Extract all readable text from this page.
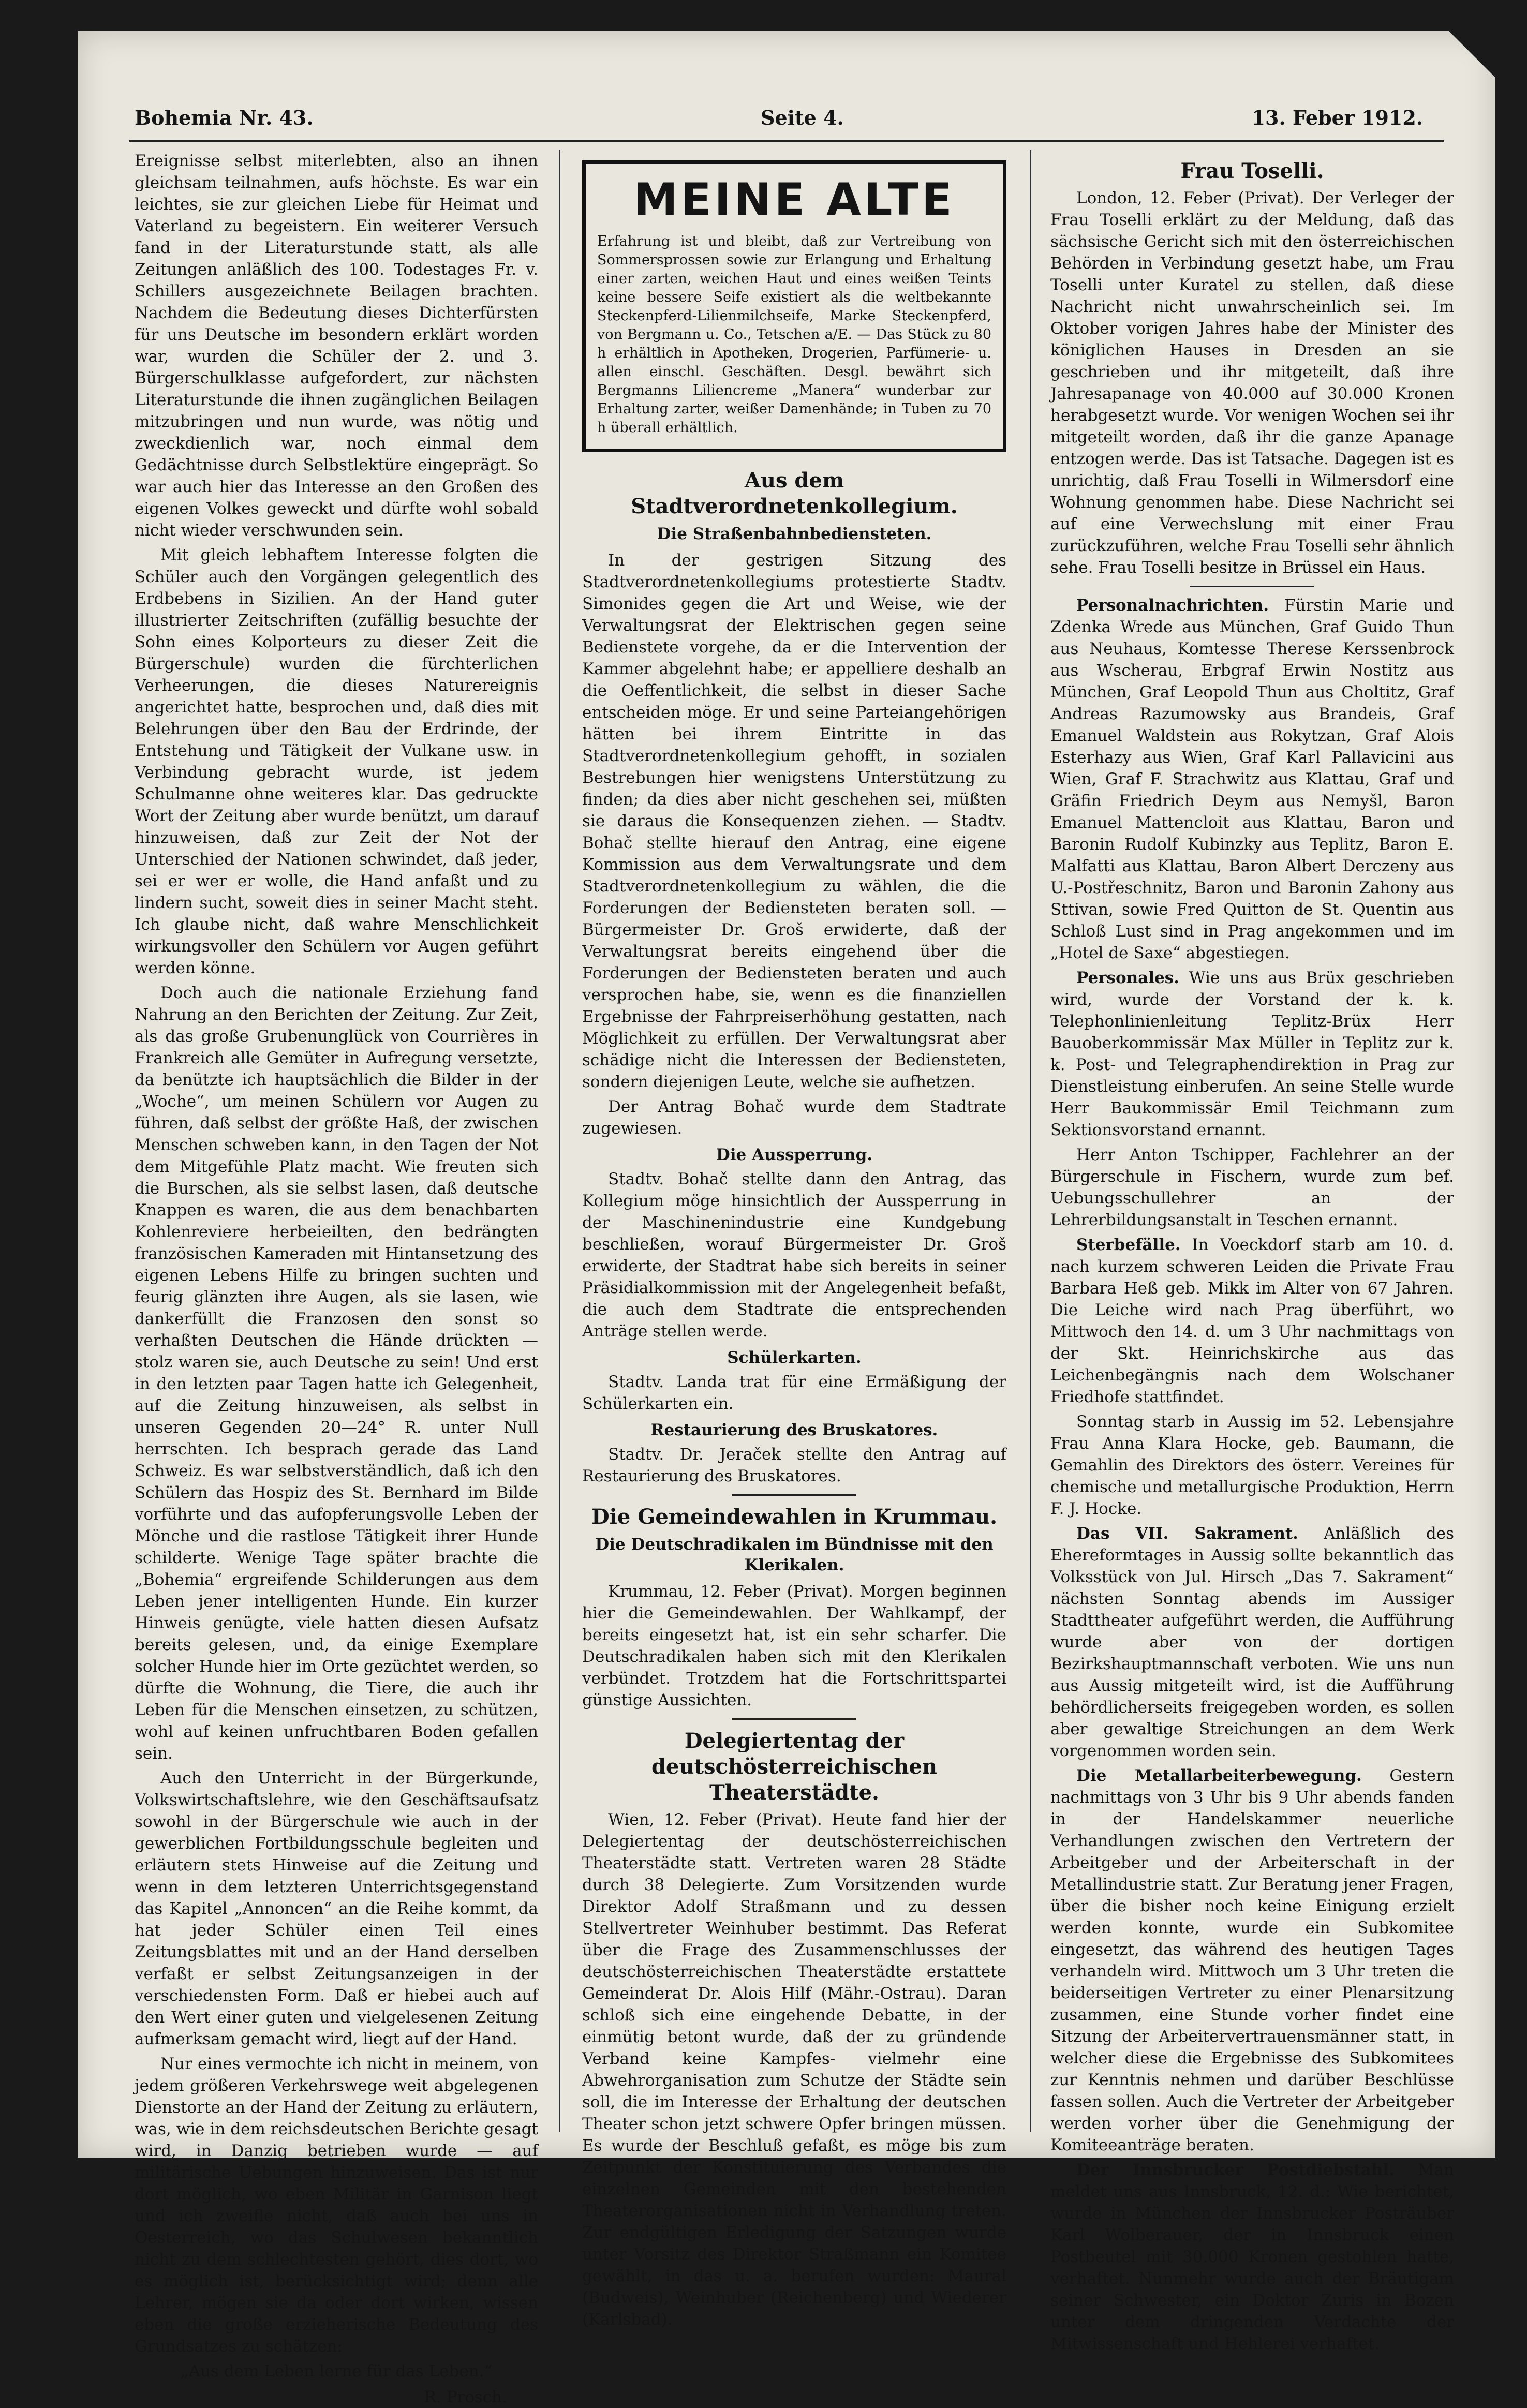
Bohemia Nr. 43.	Seite 4.	13. Feber 1912.

Ereignisse selbst miterlebten, also an ihnen gleichsam teilnahmen, aufs höchste. Es war ein leichtes, sie zur gleichen Liebe für Heimat und Vaterland zu begeistern. Ein weiterer Versuch fand in der Literaturstunde statt, als alle Zeitungen anläßlich des 100. Todestages Fr. v. Schillers ausgezeichnete Beilagen brachten. Nachdem die Bedeutung dieses Dichterfürsten für uns Deutsche im besondern erklärt worden war, wurden die Schüler der 2. und 3. Bürgerschulklasse aufgefordert, zur nächsten Literaturstunde die ihnen zugänglichen Beilagen mitzubringen und nun wurde, was nötig und zweckdienlich war, noch einmal dem Gedächtnisse durch Selbstlektüre eingeprägt. So war auch hier das Interesse an den Großen des eigenen Volkes geweckt und dürfte wohl sobald nicht wieder verschwunden sein.

Mit gleich lebhaftem Interesse folgten die Schüler auch den Vorgängen gelegentlich des Erdbebens in Sizilien. An der Hand guter illustrierter Zeitschriften (zufällig besuchte der Sohn eines Kolporteurs zu dieser Zeit die Bürgerschule) wurden die fürchterlichen Verheerungen, die dieses Naturereignis angerichtet hatte, besprochen und, daß dies mit Belehrungen über den Bau der Erdrinde, der Entstehung und Tätigkeit der Vulkane usw. in Verbindung gebracht wurde, ist jedem Schulmanne ohne weiteres klar. Das gedruckte Wort der Zeitung aber wurde benützt, um darauf hinzuweisen, daß zur Zeit der Not der Unterschied der Nationen schwindet, daß jeder, sei er wer er wolle, die Hand anfaßt und zu lindern sucht, soweit dies in seiner Macht steht. Ich glaube nicht, daß wahre Menschlichkeit wirkungsvoller den Schülern vor Augen geführt werden könne.

Doch auch die nationale Erziehung fand Nahrung an den Berichten der Zeitung. Zur Zeit, als das große Grubenunglück von Courrières in Frankreich alle Gemüter in Aufregung versetzte, da benützte ich hauptsächlich die Bilder in der „Woche“, um meinen Schülern vor Augen zu führen, daß selbst der größte Haß, der zwischen Menschen schweben kann, in den Tagen der Not dem Mitgefühle Platz macht. Wie freuten sich die Burschen, als sie selbst lasen, daß deutsche Knappen es waren, die aus dem benachbarten Kohlenreviere herbeieilten, den bedrängten französischen Kameraden mit Hintansetzung des eigenen Lebens Hilfe zu bringen suchten und feurig glänzten ihre Augen, als sie lasen, wie dankerfüllt die Franzosen den sonst so verhaßten Deutschen die Hände drückten — stolz waren sie, auch Deutsche zu sein! Und erst in den letzten paar Tagen hatte ich Gelegenheit, auf die Zeitung hinzuweisen, als selbst in unseren Gegenden 20—24° R. unter Null herrschten. Ich besprach gerade das Land Schweiz. Es war selbstverständlich, daß ich den Schülern das Hospiz des St. Bernhard im Bilde vorführte und das aufopferungsvolle Leben der Mönche und die rastlose Tätigkeit ihrer Hunde schilderte. Wenige Tage später brachte die „Bohemia“ ergreifende Schilderungen aus dem Leben jener intelligenten Hunde. Ein kurzer Hinweis genügte, viele hatten diesen Aufsatz bereits gelesen, und, da einige Exemplare solcher Hunde hier im Orte gezüchtet werden, so dürfte die Wohnung, die Tiere, die auch ihr Leben für die Menschen einsetzen, zu schützen, wohl auf keinen unfruchtbaren Boden gefallen sein.

Auch den Unterricht in der Bürgerkunde, Volkswirtschaftslehre, wie den Geschäftsaufsatz sowohl in der Bürgerschule wie auch in der gewerblichen Fortbildungsschule begleiten und erläutern stets Hinweise auf die Zeitung und wenn in dem letzteren Unterrichtsgegenstand das Kapitel „Annoncen“ an die Reihe kommt, da hat jeder Schüler einen Teil eines Zeitungsblattes mit und an der Hand derselben verfaßt er selbst Zeitungsanzeigen in der verschiedensten Form. Daß er hiebei auch auf den Wert einer guten und vielgelesenen Zeitung aufmerksam gemacht wird, liegt auf der Hand.

Nur eines vermochte ich nicht in meinem, von jedem größeren Verkehrswege weit abgelegenen Dienstorte an der Hand der Zeitung zu erläutern, was, wie in dem reichsdeutschen Berichte gesagt wird, in Danzig betrieben wurde — auf militärische Uebungen hinzuweisen. Das ist nur dort möglich, wo eben Militär in Garnison liegt und ich zweifle nicht, daß auch bei uns in Oesterreich, wo das Schulwesen bekanntlich nicht zu dem schlechtesten gehört, dies dort, wo es möglich ist, berücksichtigt wird; denn alle Lehrer, mögen sie da oder dort wirken, wissen eben die große erzieherische Bedeutung des Grundsatzes zu schätzen:

„Aus dem Leben lerne für das Leben.“

R. Prosch.
MEINE ALTE
Erfahrung ist und bleibt, daß zur Vertreibung von Sommersprossen sowie zur Erlangung und Erhaltung einer zarten, weichen Haut und eines weißen Teints keine bessere Seife existiert als die weltbekannte Steckenpferd-Lilienmilchseife, Marke Steckenpferd, von Bergmann u. Co., Tetschen a/E. — Das Stück zu 80 h erhältlich in Apotheken, Drogerien, Parfümerie- u. allen einschl. Geschäften. Desgl. bewährt sich Bergmanns Liliencreme „Manera“ wunderbar zur Erhaltung zarter, weißer Damenhände; in Tuben zu 70 h überall erhältlich.
Aus dem Stadtverordnetenkollegium.
Die Straßenbahnbediensteten.

In der gestrigen Sitzung des Stadtverordnetenkollegiums protestierte Stadtv. Simonides gegen die Art und Weise, wie der Verwaltungsrat der Elektrischen gegen seine Bedienstete vorgehe, da er die Intervention der Kammer abgelehnt habe; er appelliere deshalb an die Oeffentlichkeit, die selbst in dieser Sache entscheiden möge. Er und seine Parteiangehörigen hätten bei ihrem Eintritte in das Stadtverordnetenkollegium gehofft, in sozialen Bestrebungen hier wenigstens Unterstützung zu finden; da dies aber nicht geschehen sei, müßten sie daraus die Konsequenzen ziehen. — Stadtv. Bohač stellte hierauf den Antrag, eine eigene Kommission aus dem Verwaltungsrate und dem Stadtverordnetenkollegium zu wählen, die die Forderungen der Bediensteten beraten soll. — Bürgermeister Dr. Groš erwiderte, daß der Verwaltungsrat bereits eingehend über die Forderungen der Bediensteten beraten und auch versprochen habe, sie, wenn es die finanziellen Ergebnisse der Fahrpreiserhöhung gestatten, nach Möglichkeit zu erfüllen. Der Verwaltungsrat aber schädige nicht die Interessen der Bediensteten, sondern diejenigen Leute, welche sie aufhetzen.

Der Antrag Bohač wurde dem Stadtrate zugewiesen.

Die Aussperrung.

Stadtv. Bohač stellte dann den Antrag, das Kollegium möge hinsichtlich der Aussperrung in der Maschinenindustrie eine Kundgebung beschließen, worauf Bürgermeister Dr. Groš erwiderte, der Stadtrat habe sich bereits in seiner Präsidialkommission mit der Angelegenheit befaßt, die auch dem Stadtrate die entsprechenden Anträge stellen werde.

Schülerkarten.

Stadtv. Landa trat für eine Ermäßigung der Schülerkarten ein.

Restaurierung des Bruskatores.

Stadtv. Dr. Jeraček stellte den Antrag auf Restaurierung des Bruskatores.

Die Gemeindewahlen in Krummau.
Die Deutschradikalen im Bündnisse mit den Klerikalen.

Krummau, 12. Feber (Privat). Morgen beginnen hier die Gemeindewahlen. Der Wahlkampf, der bereits eingesetzt hat, ist ein sehr scharfer. Die Deutschradikalen haben sich mit den Klerikalen verbündet. Trotzdem hat die Fortschrittspartei günstige Aussichten.

Delegiertentag der deutschösterreichischen Theaterstädte.

Wien, 12. Feber (Privat). Heute fand hier der Delegiertentag der deutschösterreichischen Theaterstädte statt. Vertreten waren 28 Städte durch 38 Delegierte. Zum Vorsitzenden wurde Direktor Adolf Straßmann und zu dessen Stellvertreter Weinhuber bestimmt. Das Referat über die Frage des Zusammenschlusses der deutschösterreichischen Theaterstädte erstattete Gemeinderat Dr. Alois Hilf (Mähr.-Ostrau). Daran schloß sich eine eingehende Debatte, in der einmütig betont wurde, daß der zu gründende Verband keine Kampfes- vielmehr eine Abwehrorganisation zum Schutze der Städte sein soll, die im Interesse der Erhaltung der deutschen Theater schon jetzt schwere Opfer bringen müssen. Es wurde der Beschluß gefaßt, es möge bis zum Zeitpunkt der Konstituierung des Verbandes die einzelnen Gemeinden mit den bestehenden Theaterorganisationen nicht in Verhandlung treten. Zur endgültigen Erledigung der Satzungen wurde unter Vorsitz des Direktor Straßmann ein Komitee gewählt, in das u. a. berufen wurden: Maural (Budweis), Weinhuber (Reichenberg) und Wiederer (Karlsbad).

Frau Toselli.

London, 12. Feber (Privat). Der Verleger der Frau Toselli erklärt zu der Meldung, daß das sächsische Gericht sich mit den österreichischen Behörden in Verbindung gesetzt habe, um Frau Toselli unter Kuratel zu stellen, daß diese Nachricht nicht unwahrscheinlich sei. Im Oktober vorigen Jahres habe der Minister des königlichen Hauses in Dresden an sie geschrieben und ihr mitgeteilt, daß ihre Jahresapanage von 40.000 auf 30.000 Kronen herabgesetzt wurde. Vor wenigen Wochen sei ihr mitgeteilt worden, daß ihr die ganze Apanage entzogen werde. Das ist Tatsache. Dagegen ist es unrichtig, daß Frau Toselli in Wilmersdorf eine Wohnung genommen habe. Diese Nachricht sei auf eine Verwechslung mit einer Frau zurückzuführen, welche Frau Toselli sehr ähnlich sehe. Frau Toselli besitze in Brüssel ein Haus.

Personalnachrichten. Fürstin Marie und Zdenka Wrede aus München, Graf Guido Thun aus Neuhaus, Komtesse Therese Kerssenbrock aus Wscherau, Erbgraf Erwin Nostitz aus München, Graf Leopold Thun aus Choltitz, Graf Andreas Razumowsky aus Brandeis, Graf Emanuel Waldstein aus Rokytzan, Graf Alois Esterhazy aus Wien, Graf Karl Pallavicini aus Wien, Graf F. Strachwitz aus Klattau, Graf und Gräfin Friedrich Deym aus Nemyšl, Baron Emanuel Mattencloit aus Klattau, Baron und Baronin Rudolf Kubinzky aus Teplitz, Baron E. Malfatti aus Klattau, Baron Albert Derczeny aus U.-Postřeschnitz, Baron und Baronin Zahony aus Sttivan, sowie Fred Quitton de St. Quentin aus Schloß Lust sind in Prag angekommen und im „Hotel de Saxe“ abgestiegen.

Personales. Wie uns aus Brüx geschrieben wird, wurde der Vorstand der k. k. Telephonlinienleitung Teplitz-Brüx Herr Bauoberkommissär Max Müller in Teplitz zur k. k. Post- und Telegraphendirektion in Prag zur Dienstleistung einberufen. An seine Stelle wurde Herr Baukommissär Emil Teichmann zum Sektionsvorstand ernannt.

Herr Anton Tschipper, Fachlehrer an der Bürgerschule in Fischern, wurde zum bef. Uebungsschullehrer an der Lehrerbildungsanstalt in Teschen ernannt.

Sterbefälle. In Voeckdorf starb am 10. d. nach kurzem schweren Leiden die Private Frau Barbara Heß geb. Mikk im Alter von 67 Jahren. Die Leiche wird nach Prag überführt, wo Mittwoch den 14. d. um 3 Uhr nachmittags von der Skt. Heinrichskirche aus das Leichenbegängnis nach dem Wolschaner Friedhofe stattfindet.

Sonntag starb in Aussig im 52. Lebensjahre Frau Anna Klara Hocke, geb. Baumann, die Gemahlin des Direktors des österr. Vereines für chemische und metallurgische Produktion, Herrn F. J. Hocke.

Das VII. Sakrament. Anläßlich des Ehereformtages in Aussig sollte bekanntlich das Volksstück von Jul. Hirsch „Das 7. Sakrament“ nächsten Sonntag abends im Aussiger Stadttheater aufgeführt werden, die Aufführung wurde aber von der dortigen Bezirkshauptmannschaft verboten. Wie uns nun aus Aussig mitgeteilt wird, ist die Aufführung behördlicherseits freigegeben worden, es sollen aber gewaltige Streichungen an dem Werk vorgenommen worden sein.

Die Metallarbeiterbewegung. Gestern nachmittags von 3 Uhr bis 9 Uhr abends fanden in der Handelskammer neuerliche Verhandlungen zwischen den Vertretern der Arbeitgeber und der Arbeiterschaft in der Metallindustrie statt. Zur Beratung jener Fragen, über die bisher noch keine Einigung erzielt werden konnte, wurde ein Subkomitee eingesetzt, das während des heutigen Tages verhandeln wird. Mittwoch um 3 Uhr treten die beiderseitigen Vertreter zu einer Plenarsitzung zusammen, eine Stunde vorher findet eine Sitzung der Arbeitervertrauensmänner statt, in welcher diese die Ergebnisse des Subkomitees zur Kenntnis nehmen und darüber Beschlüsse fassen sollen. Auch die Vertreter der Arbeitgeber werden vorher über die Genehmigung der Komiteeanträge beraten.

Der Innsbrucker Postdiebstahl. Man meldet uns aus Innsbruck, 12. d.: Wie berichtet, wurde in München der Innsbrucker Posträuber Karl Wolberauer, der in Innsbruck einen Postbeutel mit 30.000 Kronen gestohlen hatte, verhaftet. Nunmehr wurde auch der Bräutigam seiner Schwester, ein Doktor Zuris in Bozen unter dem dringenden Verdachte der Mitwissenschaft und Hehlerei verhaftet.
